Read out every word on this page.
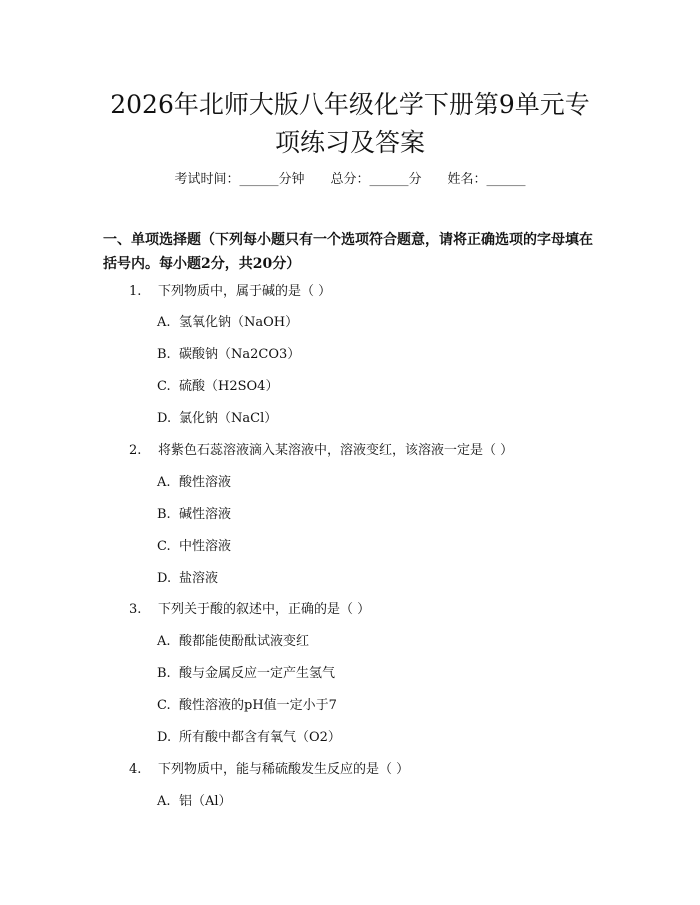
2026年北师大版八年级化学下册第9单元专
项练习及答案
考试时间：______分钟 总分：______分 姓名：______
一、单项选择题（下列每小题只有一个选项符合题意，请将正确选项的字母填在
括号内。每小题2分，共20分）
1. 下列物质中，属于碱的是（ ）
A. 氢氧化钠（NaOH）
B. 碳酸钠（Na2CO3）
C. 硫酸（H2SO4）
D. 氯化钠（NaCl）
2. 将紫色石蕊溶液滴入某溶液中，溶液变红，该溶液一定是（ ）
A. 酸性溶液
B. 碱性溶液
C. 中性溶液
D. 盐溶液
3. 下列关于酸的叙述中，正确的是（ ）
A. 酸都能使酚酞试液变红
B. 酸与金属反应一定产生氢气
C. 酸性溶液的pH值一定小于7
D. 所有酸中都含有氧气（O2）
4. 下列物质中，能与稀硫酸发生反应的是（ ）
A. 铝（Al）
